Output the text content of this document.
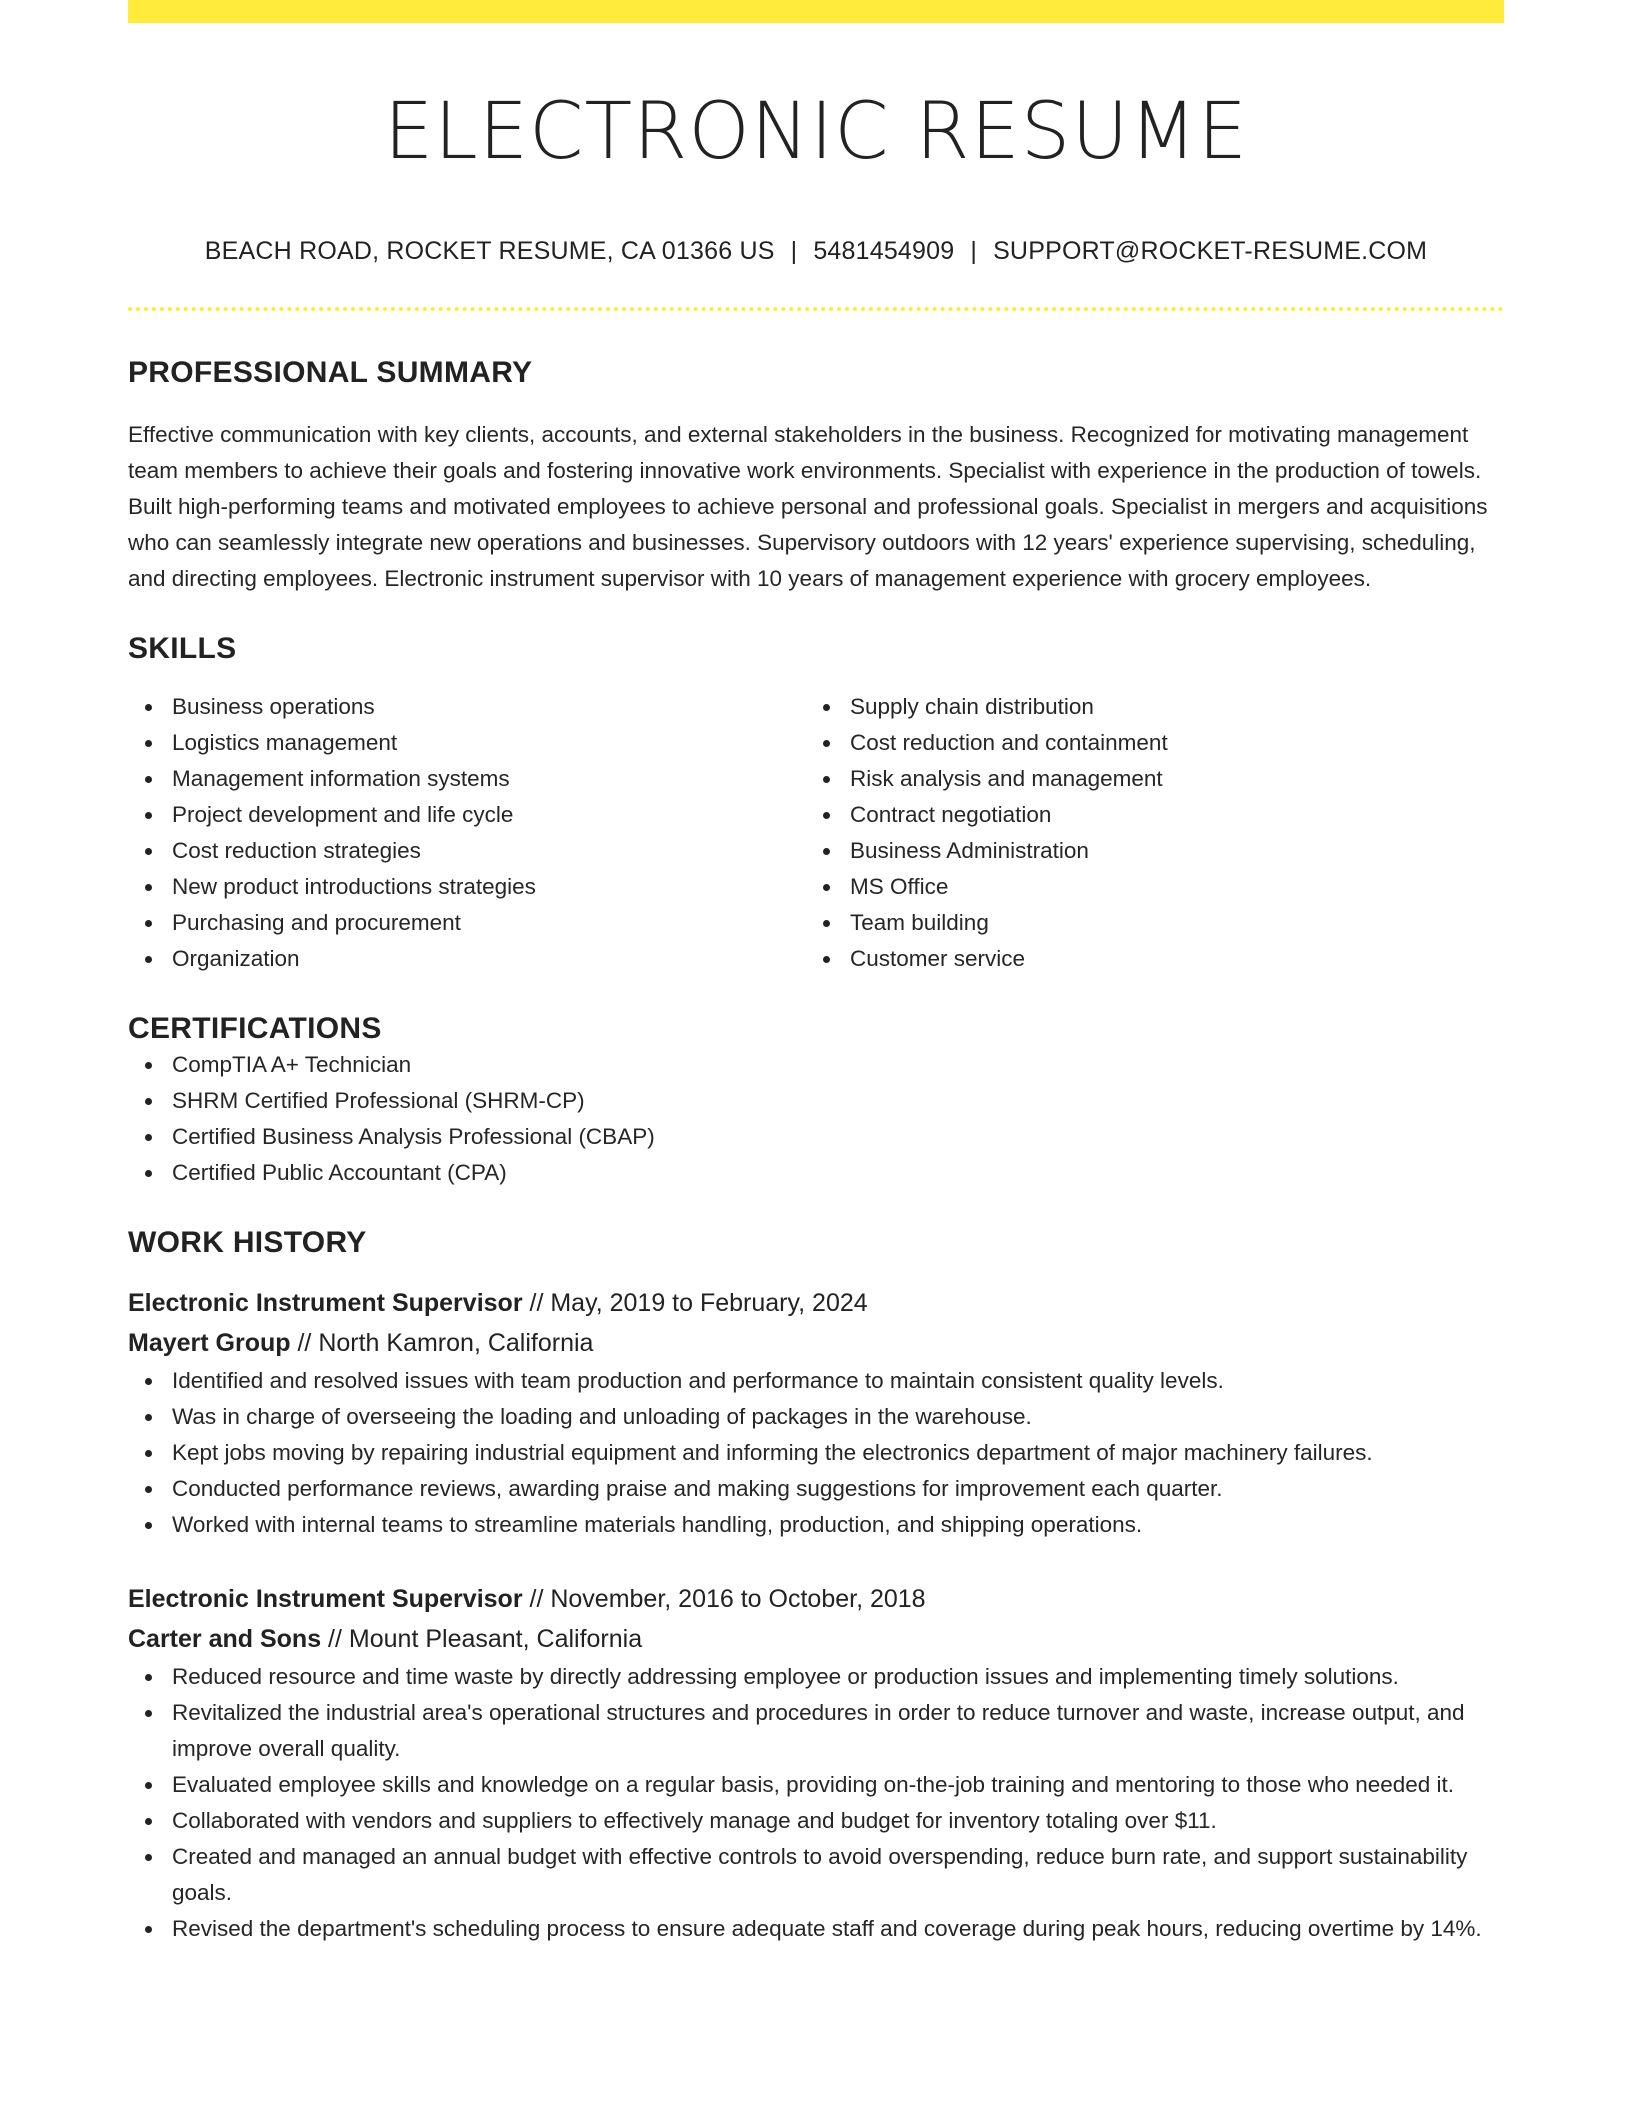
ELECTRONIC RESUME
BEACH ROAD, ROCKET RESUME, CA 01366 US | 5481454909 | SUPPORT@ROCKET-RESUME.COM
PROFESSIONAL SUMMARY
Effective communication with key clients, accounts, and external stakeholders in the business. Recognized for motivating management team members to achieve their goals and fostering innovative work environments. Specialist with experience in the production of towels. Built high-performing teams and motivated employees to achieve personal and professional goals. Specialist in mergers and acquisitions who can seamlessly integrate new operations and businesses. Supervisory outdoors with 12 years' experience supervising, scheduling, and directing employees. Electronic instrument supervisor with 10 years of management experience with grocery employees.
SKILLS
Business operations
Logistics management
Management information systems
Project development and life cycle
Cost reduction strategies
New product introductions strategies
Purchasing and procurement
Organization
Supply chain distribution
Cost reduction and containment
Risk analysis and management
Contract negotiation
Business Administration
MS Office
Team building
Customer service
CERTIFICATIONS
CompTIA A+ Technician
SHRM Certified Professional (SHRM-CP)
Certified Business Analysis Professional (CBAP)
Certified Public Accountant (CPA)
WORK HISTORY
Electronic Instrument Supervisor // May, 2019 to February, 2024
Mayert Group // North Kamron, California
Identified and resolved issues with team production and performance to maintain consistent quality levels.
Was in charge of overseeing the loading and unloading of packages in the warehouse.
Kept jobs moving by repairing industrial equipment and informing the electronics department of major machinery failures.
Conducted performance reviews, awarding praise and making suggestions for improvement each quarter.
Worked with internal teams to streamline materials handling, production, and shipping operations.
Electronic Instrument Supervisor // November, 2016 to October, 2018
Carter and Sons // Mount Pleasant, California
Reduced resource and time waste by directly addressing employee or production issues and implementing timely solutions.
Revitalized the industrial area's operational structures and procedures in order to reduce turnover and waste, increase output, and improve overall quality.
Evaluated employee skills and knowledge on a regular basis, providing on-the-job training and mentoring to those who needed it.
Collaborated with vendors and suppliers to effectively manage and budget for inventory totaling over $11.
Created and managed an annual budget with effective controls to avoid overspending, reduce burn rate, and support sustainability goals.
Revised the department's scheduling process to ensure adequate staff and coverage during peak hours, reducing overtime by 14%.
